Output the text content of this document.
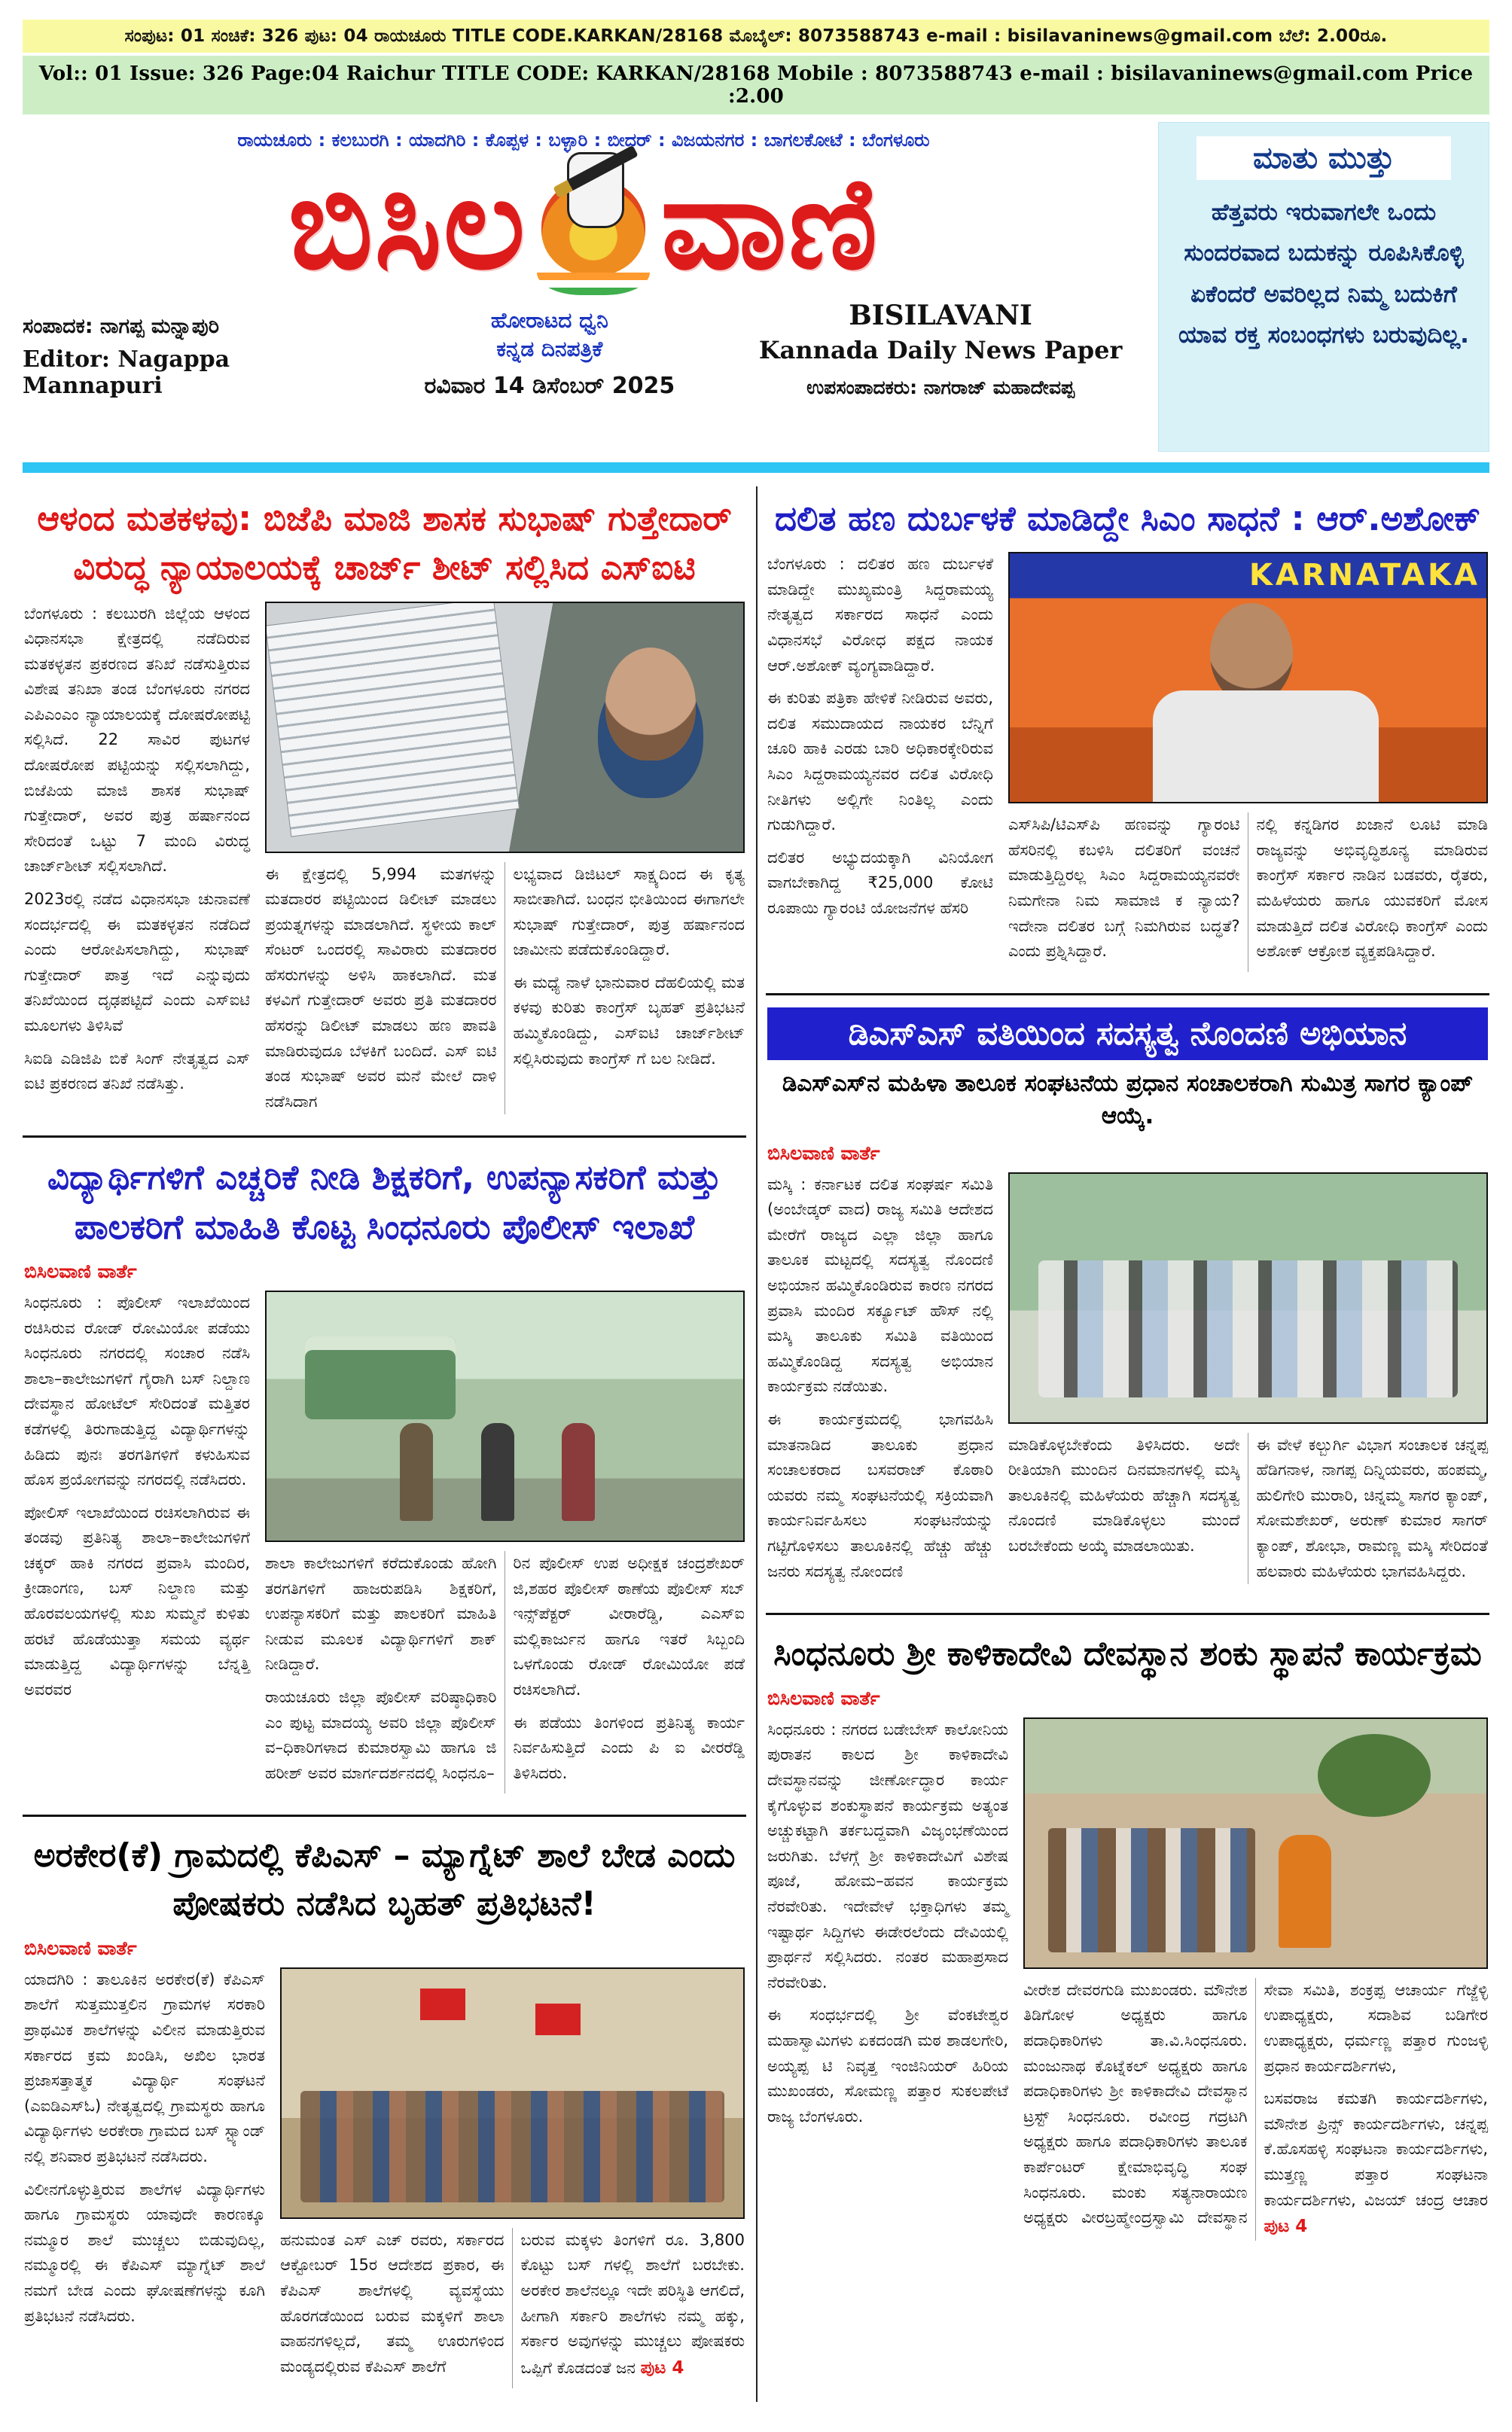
ಸಂಪುಟ: 01 ಸಂಚಿಕೆ: 326 ಪುಟ: 04 ರಾಯಚೂರು TITLE CODE.KARKAN/28168 ಮೊಬೈಲ್: 8073588743 e-mail : bisilavaninews@gmail.com ಬೆಲೆ: 2.00ರೂ.
Vol:: 01 Issue: 326 Page:04 Raichur TITLE CODE: KARKAN/28168 Mobile : 8073588743 e-mail : bisilavaninews@gmail.com Price :2.00
ರಾಯಚೂರು : ಕಲಬುರಗಿ : ಯಾದಗಿರಿ : ಕೊಪ್ಪಳ : ಬಳ್ಳಾರಿ : ಬೀದರ್ : ವಿಜಯನಗರ : ಬಾಗಲಕೋಟೆ : ಬೆಂಗಳೂರು
ಬಿಸಿಲ ವಾಣಿ
ಸಂಪಾದಕ: ನಾಗಪ್ಪ ಮನ್ನಾಪುರಿ
Editor: Nagappa Mannapuri
ಹೋರಾಟದ ಧ್ವನಿ
ಕನ್ನಡ ದಿನಪತ್ರಿಕೆ
ರವಿವಾರ 14 ಡಿಸೆಂಬರ್ 2025
BISILAVANI
Kannada Daily News Paper
ಉಪಸಂಪಾದಕರು: ನಾಗರಾಜ್ ಮಹಾದೇವಪ್ಪ
ಮಾತು ಮುತ್ತು
ಹೆತ್ತವರು ಇರುವಾಗಲೇ ಒಂದು ಸುಂದರವಾದ ಬದುಕನ್ನು ರೂಪಿಸಿಕೊಳ್ಳಿ ಏಕೆಂದರೆ ಅವರಿಲ್ಲದ ನಿಮ್ಮ ಬದುಕಿಗೆ ಯಾವ ರಕ್ತ ಸಂಬಂಧಗಳು ಬರುವುದಿಲ್ಲ.
ಆಳಂದ ಮತಕಳವು: ಬಿಜೆಪಿ ಮಾಜಿ ಶಾಸಕ ಸುಭಾಷ್ ಗುತ್ತೇದಾರ್ ವಿರುದ್ಧ ನ್ಯಾಯಾಲಯಕ್ಕೆ ಚಾರ್ಜ್ ಶೀಟ್ ಸಲ್ಲಿಸಿದ ಎಸ್‌ಐಟಿ

ಬೆಂಗಳೂರು : ಕಲಬುರಗಿ ಜಿಲ್ಲೆಯ ಆಳಂದ ವಿಧಾನಸಭಾ ಕ್ಷೇತ್ರದಲ್ಲಿ ನಡೆದಿರುವ ಮತಕಳ್ಳತನ ಪ್ರಕರಣದ ತನಿಖೆ ನಡೆಸುತ್ತಿರುವ ವಿಶೇಷ ತನಿಖಾ ತಂಡ ಬೆಂಗಳೂರು ನಗರದ ಎಪಿಎಂಎಂ ನ್ಯಾಯಾಲಯಕ್ಕೆ ದೋಷರೋಪಟ್ಟಿ ಸಲ್ಲಿಸಿದೆ. 22 ಸಾವಿರ ಪುಟಗಳ ದೋಷರೋಪ ಪಟ್ಟಿಯನ್ನು ಸಲ್ಲಿಸಲಾಗಿದ್ದು, ಬಿಜೆಪಿಯ ಮಾಜಿ ಶಾಸಕ ಸುಭಾಷ್ ಗುತ್ತೇದಾರ್, ಅವರ ಪುತ್ರ ಹರ್ಷಾನಂದ ಸೇರಿದಂತೆ ಒಟ್ಟು 7 ಮಂದಿ ವಿರುದ್ಧ ಚಾರ್ಜ್‌ಶೀಟ್ ಸಲ್ಲಿಸಲಾಗಿದೆ.

2023ರಲ್ಲಿ ನಡೆದ ವಿಧಾನಸಭಾ ಚುನಾವಣೆ ಸಂದರ್ಭದಲ್ಲಿ ಈ ಮತಕಳ್ಳತನ ನಡೆದಿದೆ ಎಂದು ಆರೋಪಿಸಲಾಗಿದ್ದು, ಸುಭಾಷ್ ಗುತ್ತೇದಾರ್ ಪಾತ್ರ ಇದೆ ಎನ್ನುವುದು ತನಿಖೆಯಿಂದ ದೃಢಪಟ್ಟಿದೆ ಎಂದು ಎಸ್‌ಐಟಿ ಮೂಲಗಳು ತಿಳಿಸಿವೆ

ಸಿಐಡಿ ಎಡಿಜಿಪಿ ಬಿಕೆ ಸಿಂಗ್ ನೇತೃತ್ವದ ಎಸ್ ಐಟಿ ಪ್ರಕರಣದ ತನಿಖೆ ನಡೆಸಿತ್ತು.

ಈ ಕ್ಷೇತ್ರದಲ್ಲಿ 5,994 ಮತಗಳನ್ನು ಮತದಾರರ ಪಟ್ಟಿಯಿಂದ ಡಿಲೀಟ್ ಮಾಡಲು ಪ್ರಯತ್ನಗಳನ್ನು ಮಾಡಲಾಗಿದೆ. ಸ್ಥಳೀಯ ಕಾಲ್ ಸೆಂಟರ್ ಒಂದರಲ್ಲಿ ಸಾವಿರಾರು ಮತದಾರರ ಹೆಸರುಗಳನ್ನು ಅಳಿಸಿ ಹಾಕಲಾಗಿದೆ. ಮತ ಕಳವಿಗೆ ಗುತ್ತೇದಾರ್ ಅವರು ಪ್ರತಿ ಮತದಾರರ ಹೆಸರನ್ನು ಡಿಲೀಟ್ ಮಾಡಲು ಹಣ ಪಾವತಿ ಮಾಡಿರುವುದೂ ಬೆಳಕಿಗೆ ಬಂದಿದೆ. ಎಸ್ ಐಟಿ ತಂಡ ಸುಭಾಷ್ ಅವರ ಮನೆ ಮೇಲೆ ದಾಳಿ ನಡೆಸಿದಾಗ

ಲಭ್ಯವಾದ ಡಿಜಿಟಲ್ ಸಾಕ್ಷ್ಯದಿಂದ ಈ ಕೃತ್ಯ ಸಾಬೀತಾಗಿದೆ. ಬಂಧನ ಭೀತಿಯಿಂದ ಈಗಾಗಲೇ ಸುಭಾಷ್ ಗುತ್ತೇದಾರ್, ಪುತ್ರ ಹರ್ಷಾನಂದ ಜಾಮೀನು ಪಡೆದುಕೊಂಡಿದ್ದಾರೆ.

ಈ ಮಧ್ಯೆ ನಾಳೆ ಭಾನುವಾರ ದೆಹಲಿಯಲ್ಲಿ ಮತ ಕಳವು ಕುರಿತು ಕಾಂಗ್ರೆಸ್ ಬೃಹತ್ ಪ್ರತಿಭಟನೆ ಹಮ್ಮಿಕೊಂಡಿದ್ದು, ಎಸ್‌ಐಟಿ ಚಾರ್ಜ್‌ಶೀಟ್ ಸಲ್ಲಿಸಿರುವುದು ಕಾಂಗ್ರೆಸ್ ಗೆ ಬಲ ನೀಡಿದೆ.

ವಿದ್ಯಾರ್ಥಿಗಳಿಗೆ ಎಚ್ಚರಿಕೆ ನೀಡಿ ಶಿಕ್ಷಕರಿಗೆ, ಉಪನ್ಯಾಸಕರಿಗೆ ಮತ್ತು ಪಾಲಕರಿಗೆ ಮಾಹಿತಿ ಕೊಟ್ಟ ಸಿಂಧನೂರು ಪೊಲೀಸ್ ಇಲಾಖೆ
ಬಿಸಿಲವಾಣಿ ವಾರ್ತೆ

ಸಿಂಧನೂರು : ಪೊಲೀಸ್ ಇಲಾಖೆಯಿಂದ ರಚಿಸಿರುವ ರೋಡ್ ರೋಮಿಯೋ ಪಡೆಯು ಸಿಂಧನೂರು ನಗರದಲ್ಲಿ ಸಂಚಾರ ನಡೆಸಿ ಶಾಲಾ–ಕಾಲೇಜುಗಳಿಗೆ ಗೈರಾಗಿ ಬಸ್ ನಿಲ್ದಾಣ ದೇವಸ್ಥಾನ ಹೋಟೆಲ್ ಸೇರಿದಂತೆ ಮತ್ತಿತರ ಕಡೆಗಳಲ್ಲಿ ತಿರುಗಾಡುತ್ತಿದ್ದ ವಿದ್ಯಾರ್ಥಿಗಳನ್ನು ಹಿಡಿದು ಪುನಃ ತರಗತಿಗಳಿಗೆ ಕಳುಹಿಸುವ ಹೊಸ ಪ್ರಯೋಗವನ್ನು ನಗರದಲ್ಲಿ ನಡೆಸಿದರು.

ಪೋಲಿಸ್ ಇಲಾಖೆಯಿಂದ ರಚಿಸಲಾಗಿರುವ ಈ ತಂಡವು ಪ್ರತಿನಿತ್ಯ ಶಾಲಾ–ಕಾಲೇಜುಗಳಿಗೆ ಚಕ್ಕರ್ ಹಾಕಿ ನಗರದ ಪ್ರವಾಸಿ ಮಂದಿರ, ಕ್ರೀಡಾಂಗಣ, ಬಸ್ ನಿಲ್ದಾಣ ಮತ್ತು ಹೊರವಲಯಗಳಲ್ಲಿ ಸುಖ ಸುಮ್ಮನೆ ಕುಳಿತು ಹರಟೆ ಹೊಡೆಯುತ್ತಾ ಸಮಯ ವ್ಯರ್ಥ ಮಾಡುತ್ತಿದ್ದ ವಿದ್ಯಾರ್ಥಿಗಳನ್ನು ಬೆನ್ನತ್ತಿ ಅವರವರ

ಶಾಲಾ ಕಾಲೇಜುಗಳಿಗೆ ಕರೆದುಕೊಂಡು ಹೋಗಿ ತರಗತಿಗಳಿಗೆ ಹಾಜರುಪಡಿಸಿ ಶಿಕ್ಷಕರಿಗೆ, ಉಪನ್ಯಾಸಕರಿಗೆ ಮತ್ತು ಪಾಲಕರಿಗೆ ಮಾಹಿತಿ ನೀಡುವ ಮೂಲಕ ವಿದ್ಯಾರ್ಥಿಗಳಿಗೆ ಶಾಕ್ ನೀಡಿದ್ದಾರೆ.

ರಾಯಚೂರು ಜಿಲ್ಲಾ ಪೊಲೀಸ್ ವರಿಷ್ಠಾಧಿಕಾರಿ ಎಂ ಪುಟ್ಟ ಮಾದಯ್ಯ ಅವರಿ ಜಿಲ್ಲಾ ಪೊಲೀಸ್ ವ–ಧಿಕಾರಿಗಳಾದ ಕುಮಾರಸ್ವಾಮಿ ಹಾಗೂ ಜಿ ಹರೀಶ್ ಅವರ ಮಾರ್ಗದರ್ಶನದಲ್ಲಿ ಸಿಂಧನೂ–

ರಿನ ಪೊಲೀಸ್ ಉಪ ಅಧೀಕ್ಷಕ ಚಂದ್ರಶೇಖರ್ ಜಿ,ಶಹರ ಪೊಲೀಸ್ ಠಾಣೆಯ ಪೊಲೀಸ್ ಸಬ್ ಇನ್ಸ್‌ಪೆಕ್ಟರ್ ವೀರಾರೆಡ್ಡಿ, ಎಎಸ್‌ಐ ಮಲ್ಲಿಕಾರ್ಜುನ ಹಾಗೂ ಇತರೆ ಸಿಬ್ಬಂದಿ ಒಳಗೊಂಡು ರೋಡ್ ರೋಮಿಯೋ ಪಡೆ ರಚಿಸಲಾಗಿದೆ.

ಈ ಪಡೆಯು ತಿಂಗಳಿಂದ ಪ್ರತಿನಿತ್ಯ ಕಾರ್ಯ ನಿರ್ವಹಿಸುತ್ತಿದೆ ಎಂದು ಪಿ ಐ ವೀರರೆಡ್ಡಿ ತಿಳಿಸಿದರು.

ಅರಕೇರ(ಕೆ) ಗ್ರಾಮದಲ್ಲಿ ಕೆಪಿಎಸ್ – ಮ್ಯಾಗ್ನೆಟ್ ಶಾಲೆ ಬೇಡ ಎಂದು ಪೋಷಕರು ನಡೆಸಿದ ಬೃಹತ್ ಪ್ರತಿಭಟನೆ!
ಬಿಸಿಲವಾಣಿ ವಾರ್ತೆ

ಯಾದಗಿರಿ : ತಾಲೂಕಿನ ಅರಕೇರ(ಕೆ) ಕೆಪಿಎಸ್ ಶಾಲೆಗೆ ಸುತ್ತಮುತ್ತಲಿನ ಗ್ರಾಮಗಳ ಸರಕಾರಿ ಪ್ರಾಥಮಿಕ ಶಾಲೆಗಳನ್ನು ವಿಲೀನ ಮಾಡುತ್ತಿರುವ ಸರ್ಕಾರದ ಕ್ರಮ ಖಂಡಿಸಿ, ಅಖಿಲ ಭಾರತ ಪ್ರಜಾಸತ್ತಾತ್ಮಕ ವಿದ್ಯಾರ್ಥಿ ಸಂಘಟನೆ (ಎಐಡಿಎಸ್‌ಓ) ನೇತೃತ್ವದಲ್ಲಿ ಗ್ರಾಮಸ್ಥರು ಹಾಗೂ ವಿದ್ಯಾರ್ಥಿಗಳು ಅರಕೇರಾ ಗ್ರಾಮದ ಬಸ್ ಸ್ಟ್ಯಾಂಡ್ ನಲ್ಲಿ ಶನಿವಾರ ಪ್ರತಿಭಟನೆ ನಡೆಸಿದರು.

ವಿಲೀನಗೊಳ್ಳುತ್ತಿರುವ ಶಾಲೆಗಳ ವಿದ್ಯಾರ್ಥಿಗಳು ಹಾಗೂ ಗ್ರಾಮಸ್ಥರು ಯಾವುದೇ ಕಾರಣಕ್ಕೂ ನಮ್ಮೂರ ಶಾಲೆ ಮುಚ್ಚಲು ಬಿಡುವುದಿಲ್ಲ, ನಮ್ಮೂರಲ್ಲಿ ಈ ಕೆಪಿಎಸ್ ಮ್ಯಾಗ್ನೆಟ್ ಶಾಲೆ ನಮಗೆ ಬೇಡ ಎಂದು ಘೋಷಣೆಗಳನ್ನು ಕೂಗಿ ಪ್ರತಿಭಟನೆ ನಡೆಸಿದರು.

ಹನುಮಂತ ಎಸ್ ಎಚ್ ರವರು, ಸರ್ಕಾರದ ಆಕ್ಟೋಬರ್ 15ರ ಆದೇಶದ ಪ್ರಕಾರ, ಈ ಕೆಪಿಎಸ್ ಶಾಲೆಗಳಲ್ಲಿ ವ್ಯವಸ್ಥೆಯು ಹೊರಗಡೆಯಿಂದ ಬರುವ ಮಕ್ಕಳಿಗೆ ಶಾಲಾ ವಾಹನಗಳಿಲ್ಲದೆ, ತಮ್ಮ ಊರುಗಳಿಂದ ಮಂಡ್ಯದಲ್ಲಿರುವ ಕೆಪಿಎಸ್ ಶಾಲೆಗೆ

ಬರುವ ಮಕ್ಕಳು ತಿಂಗಳಿಗೆ ರೂ. 3,800 ಕೊಟ್ಟು ಬಸ್ ಗಳಲ್ಲಿ ಶಾಲೆಗೆ ಬರಬೇಕು. ಅರಕೇರ ಶಾಲೆನಲ್ಲೂ ಇದೇ ಪರಿಸ್ಥಿತಿ ಆಗಲಿದೆ, ಹೀಗಾಗಿ ಸರ್ಕಾರಿ ಶಾಲೆಗಳು ನಮ್ಮ ಹಕ್ಕು, ಸರ್ಕಾರ ಅವುಗಳನ್ನು ಮುಚ್ಚಲು ಪೋಷಕರು ಒಪ್ಪಿಗೆ ಕೊಡದಂತೆ ಜನ ಪುಟ 4

ದಲಿತ ಹಣ ದುರ್ಬಳಕೆ ಮಾಡಿದ್ದೇ ಸಿಎಂ ಸಾಧನೆ : ಆರ್.ಅಶೋಕ್

ಬೆಂಗಳೂರು : ದಲಿತರ ಹಣ ದುರ್ಬಳಕೆ ಮಾಡಿದ್ದೇ ಮುಖ್ಯಮಂತ್ರಿ ಸಿದ್ದರಾಮಯ್ಯ ನೇತೃತ್ವದ ಸರ್ಕಾರದ ಸಾಧನೆ ಎಂದು ವಿಧಾನಸಭೆ ವಿರೋಧ ಪಕ್ಷದ ನಾಯಕ ಆರ್.ಅಶೋಕ್ ವ್ಯಂಗ್ಯವಾಡಿದ್ದಾರೆ.

ಈ ಕುರಿತು ಪತ್ರಿಕಾ ಹೇಳಿಕೆ ನೀಡಿರುವ ಅವರು, ದಲಿತ ಸಮುದಾಯದ ನಾಯಕರ ಬೆನ್ನಿಗೆ ಚೂರಿ ಹಾಕಿ ಎರಡು ಬಾರಿ ಅಧಿಕಾರಕ್ಕೇರಿರುವ ಸಿಎಂ ಸಿದ್ದರಾಮಯ್ಯನವರ ದಲಿತ ವಿರೋಧಿ ನೀತಿಗಳು ಅಲ್ಲಿಗೇ ನಿಂತಿಲ್ಲ ಎಂದು ಗುಡುಗಿದ್ದಾರೆ.

ದಲಿತರ ಅಭ್ಯುದಯಕ್ಕಾಗಿ ವಿನಿಯೋಗ ವಾಗಬೇಕಾಗಿದ್ದ ₹25,000 ಕೋಟಿ ರೂಪಾಯಿ ಗ್ಯಾರಂಟಿ ಯೋಜನೆಗಳ ಹೆಸರಿ

KARNATAKA

ಎಸ್‌ಸಿಪಿ/ಟಿಎಸ್‌ಪಿ ಹಣವನ್ನು ಗ್ಯಾರಂಟಿ ಹೆಸರಿನಲ್ಲಿ ಕಬಳಿಸಿ ದಲಿತರಿಗೆ ವಂಚನೆ ಮಾಡುತ್ತಿದ್ದಿರಲ್ಲ ಸಿಎಂ ಸಿದ್ದರಾಮಯ್ಯನವರೇ ನಿಮಗೇನಾ ನಿಮ ಸಾಮಾಜಿ ಕ ನ್ಯಾಯ? ಇದೇನಾ ದಲಿತರ ಬಗ್ಗೆ ನಿಮಗಿರುವ ಬದ್ಧತೆ? ಎಂದು ಪ್ರಶ್ನಿಸಿದ್ದಾರೆ.

ನಲ್ಲಿ ಕನ್ನಡಿಗರ ಖಜಾನೆ ಲೂಟಿ ಮಾಡಿ ರಾಜ್ಯವನ್ನು ಅಭಿವೃದ್ಧಿಶೂನ್ಯ ಮಾಡಿರುವ ಕಾಂಗ್ರೆಸ್ ಸರ್ಕಾರ ನಾಡಿನ ಬಡವರು, ರೈತರು, ಮಹಿಳೆಯರು ಹಾಗೂ ಯುವಕರಿಗೆ ಮೋಸ ಮಾಡುತ್ತಿದೆ ದಲಿತ ವಿರೋಧಿ ಕಾಂಗ್ರೆಸ್ ಎಂದು ಅಶೋಕ್ ಆಕ್ರೋಶ ವ್ಯಕ್ತಪಡಿಸಿದ್ದಾರೆ.

ಡಿಎಸ್‌ಎಸ್ ವತಿಯಿಂದ ಸದಸ್ಯತ್ವ ನೊಂದಣಿ ಅಭಿಯಾನ
ಡಿಎಸ್‌ಎಸ್‌ನ ಮಹಿಳಾ ತಾಲೂಕ ಸಂಘಟನೆಯ ಪ್ರಧಾನ ಸಂಚಾಲಕರಾಗಿ ಸುಮಿತ್ರ ಸಾಗರ ಕ್ಯಾಂಪ್ ಆಯ್ಕೆ.
ಬಿಸಿಲವಾಣಿ ವಾರ್ತೆ

ಮಸ್ಕಿ : ಕರ್ನಾಟಕ ದಲಿತ ಸಂಘರ್ಷ ಸಮಿತಿ (ಅಂಬೇಡ್ಕರ್ ವಾದ) ರಾಜ್ಯ ಸಮಿತಿ ಆದೇಶದ ಮೇರೆಗೆ ರಾಜ್ಯದ ಎಲ್ಲಾ ಜಿಲ್ಲಾ ಹಾಗೂ ತಾಲೂಕ ಮಟ್ಟದಲ್ಲಿ ಸದಸ್ಯತ್ವ ನೊಂದಣಿ ಅಭಿಯಾನ ಹಮ್ಮಿಕೊಂಡಿರುವ ಕಾರಣ ನಗರದ ಪ್ರವಾಸಿ ಮಂದಿರ ಸರ್ಕ್ಯೂಟ್ ಹೌಸ್ ನಲ್ಲಿ ಮಸ್ಕಿ ತಾಲೂಕು ಸಮಿತಿ ವತಿಯಿಂದ ಹಮ್ಮಿಕೊಂಡಿದ್ದ ಸದಸ್ಯತ್ವ ಅಭಿಯಾನ ಕಾರ್ಯಕ್ರಮ ನಡೆಯಿತು.

ಈ ಕಾರ್ಯಕ್ರಮದಲ್ಲಿ ಭಾಗವಹಿಸಿ ಮಾತನಾಡಿದ ತಾಲೂಕು ಪ್ರಧಾನ ಸಂಚಾಲಕರಾದ ಬಸವರಾಜ್ ಕೊಠಾರಿ ಯವರು ನಮ್ಮ ಸಂಘಟನೆಯಲ್ಲಿ ಸಕ್ರಿಯವಾಗಿ ಕಾರ್ಯನಿರ್ವಹಿಸಲು ಸಂಘಟನೆಯನ್ನು ಗಟ್ಟಿಗೊಳಿಸಲು ತಾಲೂಕಿನಲ್ಲಿ ಹೆಚ್ಚು ಹೆಚ್ಚು ಜನರು ಸದಸ್ಯತ್ವ ನೋಂದಣಿ

ಮಾಡಿಕೊಳ್ಳಬೇಕೆಂದು ತಿಳಿಸಿದರು. ಅದೇ ರೀತಿಯಾಗಿ ಮುಂದಿನ ದಿನಮಾನಗಳಲ್ಲಿ ಮಸ್ಕಿ ತಾಲೂಕಿನಲ್ಲಿ ಮಹಿಳೆಯರು ಹೆಚ್ಚಾಗಿ ಸದಸ್ಯತ್ವ ನೊಂದಣಿ ಮಾಡಿಕೊಳ್ಳಲು ಮುಂದೆ ಬರಬೇಕೆಂದು ಅಯ್ಕೆ ಮಾಡಲಾಯಿತು.

ಈ ವೇಳೆ ಕಲ್ಬುರ್ಗಿ ವಿಭಾಗ ಸಂಚಾಲಕ ಚನ್ನಪ್ಪ ಹೆಡಿಗನಾಳ, ನಾಗಪ್ಪ ದಿನ್ನಿಯವರು, ಹಂಪಮ್ಮ, ಹುಲಿಗೇರಿ ಮುರಾರಿ, ಚಿನ್ನಮ್ಮ ಸಾಗರ ಕ್ಯಾಂಪ್, ಸೋಮಶೇಖರ್, ಅರುಣ್ ಕುಮಾರ ಸಾಗರ್ ಕ್ಯಾಂಪ್, ಶೋಭಾ, ರಾಮಣ್ಣ ಮಸ್ಕಿ ಸೇರಿದಂತೆ ಹಲವಾರು ಮಹಿಳೆಯರು ಭಾಗವಹಿಸಿದ್ದರು.

ಸಿಂಧನೂರು ಶ್ರೀ ಕಾಳಿಕಾದೇವಿ ದೇವಸ್ಥಾನ ಶಂಕು ಸ್ಥಾಪನೆ ಕಾರ್ಯಕ್ರಮ
ಬಿಸಿಲವಾಣಿ ವಾರ್ತೆ

ಸಿಂಧನೂರು : ನಗರದ ಬಡೇಬೇಸ್ ಕಾಲೋನಿಯ ಪುರಾತನ ಕಾಲದ ಶ್ರೀ ಕಾಳಿಕಾದೇವಿ ದೇವಸ್ಥಾನವನ್ನು ಜೀರ್ಣೋದ್ಧಾರ ಕಾರ್ಯ ಕೈಗೊಳ್ಳುವ ಶಂಕುಸ್ಥಾಪನೆ ಕಾರ್ಯಕ್ರಮ ಅತ್ಯಂತ ಅಚ್ಚುಕಟ್ಟಾಗಿ ತರ್ಕಬದ್ದವಾಗಿ ವಿಜೃಂಭಣೆಯಿಂದ ಜರುಗಿತು. ಬೆಳಗ್ಗೆ ಶ್ರೀ ಕಾಳಿಕಾದೇವಿಗೆ ವಿಶೇಷ ಪೂಜೆ, ಹೋಮ–ಹವನ ಕಾರ್ಯಕ್ರಮ ನೆರವೇರಿತು. ಇದೇವೇಳೆ ಭಕ್ತಾಧಿಗಳು ತಮ್ಮ ಇಷ್ಟಾರ್ಥ ಸಿದ್ದಿಗಳು ಈಡೇರಲೆಂದು ದೇವಿಯಲ್ಲಿ ಪ್ರಾರ್ಥನೆ ಸಲ್ಲಿಸಿದರು. ನಂತರ ಮಹಾಪ್ರಸಾದ ನೆರವೇರಿತು.

ಈ ಸಂಧರ್ಭದಲ್ಲಿ ಶ್ರೀ ವೆಂಕಟೇಶ್ವರ ಮಹಾಸ್ವಾಮಿಗಳು ಏಕದಂಡಗಿ ಮಠ ಶಾಡಲಗೇರಿ, ಅಯ್ಯಪ್ಪ ಟಿ ನಿವೃತ್ತ ಇಂಜಿನಿಯರ್ ಹಿರಿಯ ಮುಖಂಡರು, ಸೋಮಣ್ಣ ಪತ್ತಾರ ಸುಕಲಪೇಟೆ ರಾಜ್ಯ ಬೆಂಗಳೂರು.

ವೀರೇಶ ದೇವರಗುಡಿ ಮುಖಂಡರು. ಮೌನೇಶ ತಿಡಿಗೋಳ ಅಧ್ಯಕ್ಷರು ಹಾಗೂ ಪದಾಧಿಕಾರಿಗಳು ತಾ.ವಿ.ಸಿಂಧನೂರು. ಮಂಜುನಾಥ ಕೊಟ್ನೆಕಲ್ ಅಧ್ಯಕ್ಷರು ಹಾಗೂ ಪದಾಧಿಕಾರಿಗಳು ಶ್ರೀ ಕಾಳಿಕಾದೇವಿ ದೇವಸ್ಥಾನ ಟ್ರಸ್ಟ್ ಸಿಂಧನೂರು. ರವೀಂದ್ರ ಗದ್ರಟಗಿ ಅಧ್ಯಕ್ಷರು ಹಾಗೂ ಪದಾಧಿಕಾರಿಗಳು ತಾಲೂಕ ಕಾರ್ಪೆಂಟರ್ ಕ್ಷೇಮಾಭಿವೃದ್ಧಿ ಸಂಘ ಸಿಂಧನೂರು. ಮಂಕು ಸತ್ಯನಾರಾಯಣ ಅಧ್ಯಕ್ಷರು ವೀರಬ್ರಹ್ಮೇಂದ್ರಸ್ವಾಮಿ ದೇವಸ್ಥಾನ ಸೇವಾ ಸಮಿತಿ, ಶಂಕ್ರಪ್ಪ ಆಚಾರ್ಯ ಗೆಜ್ಜೆಳ್ಳಿ ಉಪಾಧ್ಯಕ್ಷರು, ಸದಾಶಿವ ಬಡಿಗೇರ ಉಪಾಧ್ಯಕ್ಷರು, ಧರ್ಮಣ್ಣ ಪತ್ತಾರ ಗುಂಜಳ್ಳಿ ಪ್ರಧಾನ ಕಾರ್ಯದರ್ಶಿಗಳು,

ಬಸವರಾಜ ಕಮತಗಿ ಕಾರ್ಯದರ್ಶಿಗಳು, ಮೌನೇಶ ಪ್ರಿನ್ಸ್ ಕಾರ್ಯದರ್ಶಿಗಳು, ಚನ್ನಪ್ಪ ಕೆ.ಹೊಸಹಳ್ಳಿ ಸಂಘಟನಾ ಕಾರ್ಯದರ್ಶಿಗಳು, ಮುತ್ತಣ್ಣ ಪತ್ತಾರ ಸಂಘಟನಾ ಕಾರ್ಯದರ್ಶಿಗಳು, ವಿಜಯ್ ಚಂದ್ರ ಆಚಾರ ಪುಟ 4
